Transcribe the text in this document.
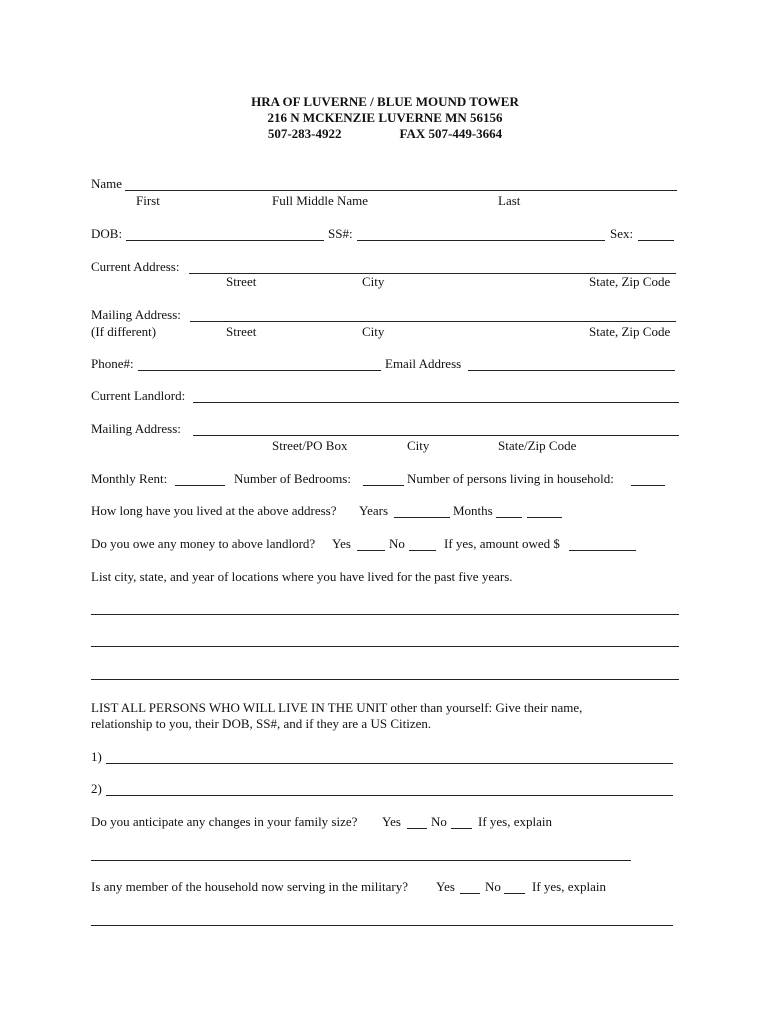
HRA OF LUVERNE / BLUE MOUND TOWER
216 N MCKENZIE LUVERNE MN 56156
507-283-4922	FAX 507-449-3664
Name
First	Full Middle Name	Last
DOB:	SS#:	Sex:
Current Address:
Street	City	State, Zip Code
Mailing Address:
(If different)	Street	City	State, Zip Code
Phone#:	Email Address
Current Landlord:
Mailing Address:
Street/PO Box	City	State/Zip Code
Monthly Rent:	Number of Bedrooms:	Number of persons living in household:
How long have you lived at the above address? Years	Months
Do you owe any money to above landlord? Yes	No	If yes, amount owed $
List city, state, and year of locations where you have lived for the past five years.
LIST ALL PERSONS WHO WILL LIVE IN THE UNIT other than yourself: Give their name,
relationship to you, their DOB, SS#, and if they are a US Citizen.
1)
2)
Do you anticipate any changes in your family size? Yes No If yes, explain
Is any member of the household now serving in the military? Yes No If yes, explain
